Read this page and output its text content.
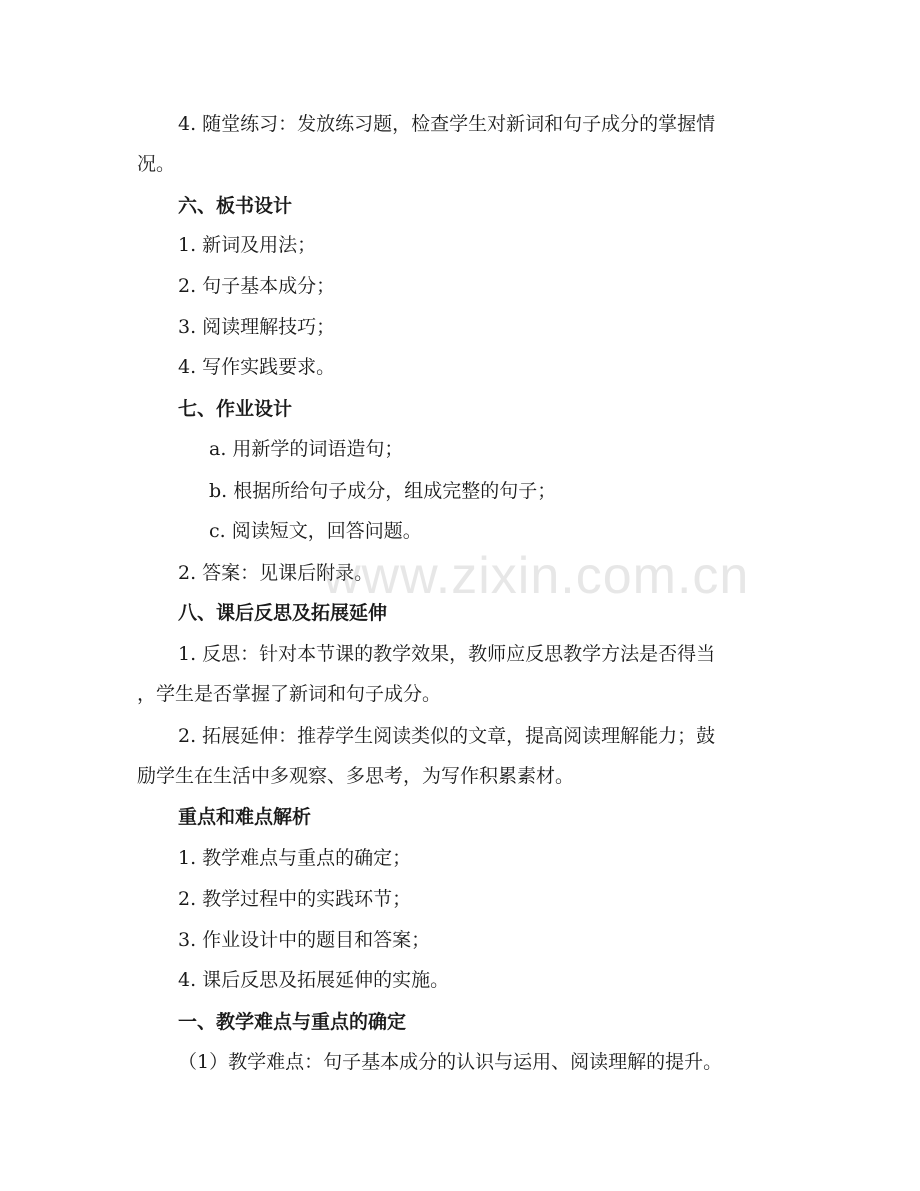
4. 随堂练习：发放练习题，检查学生对新词和句子成分的掌握情
况。
六、板书设计
1. 新词及用法；
2. 句子基本成分；
3. 阅读理解技巧；
4. 写作实践要求。
七、作业设计
a. 用新学的词语造句；
b. 根据所给句子成分，组成完整的句子；
c. 阅读短文，回答问题。
2. 答案：见课后附录。
八、课后反思及拓展延伸
1. 反思：针对本节课的教学效果，教师应反思教学方法是否得当
，学生是否掌握了新词和句子成分。
2. 拓展延伸：推荐学生阅读类似的文章，提高阅读理解能力；鼓
励学生在生活中多观察、多思考，为写作积累素材。
重点和难点解析
1. 教学难点与重点的确定；
2. 教学过程中的实践环节；
3. 作业设计中的题目和答案；
4. 课后反思及拓展延伸的实施。
一、教学难点与重点的确定
（1）教学难点：句子基本成分的认识与运用、阅读理解的提升。
www.zixin.com.cn
